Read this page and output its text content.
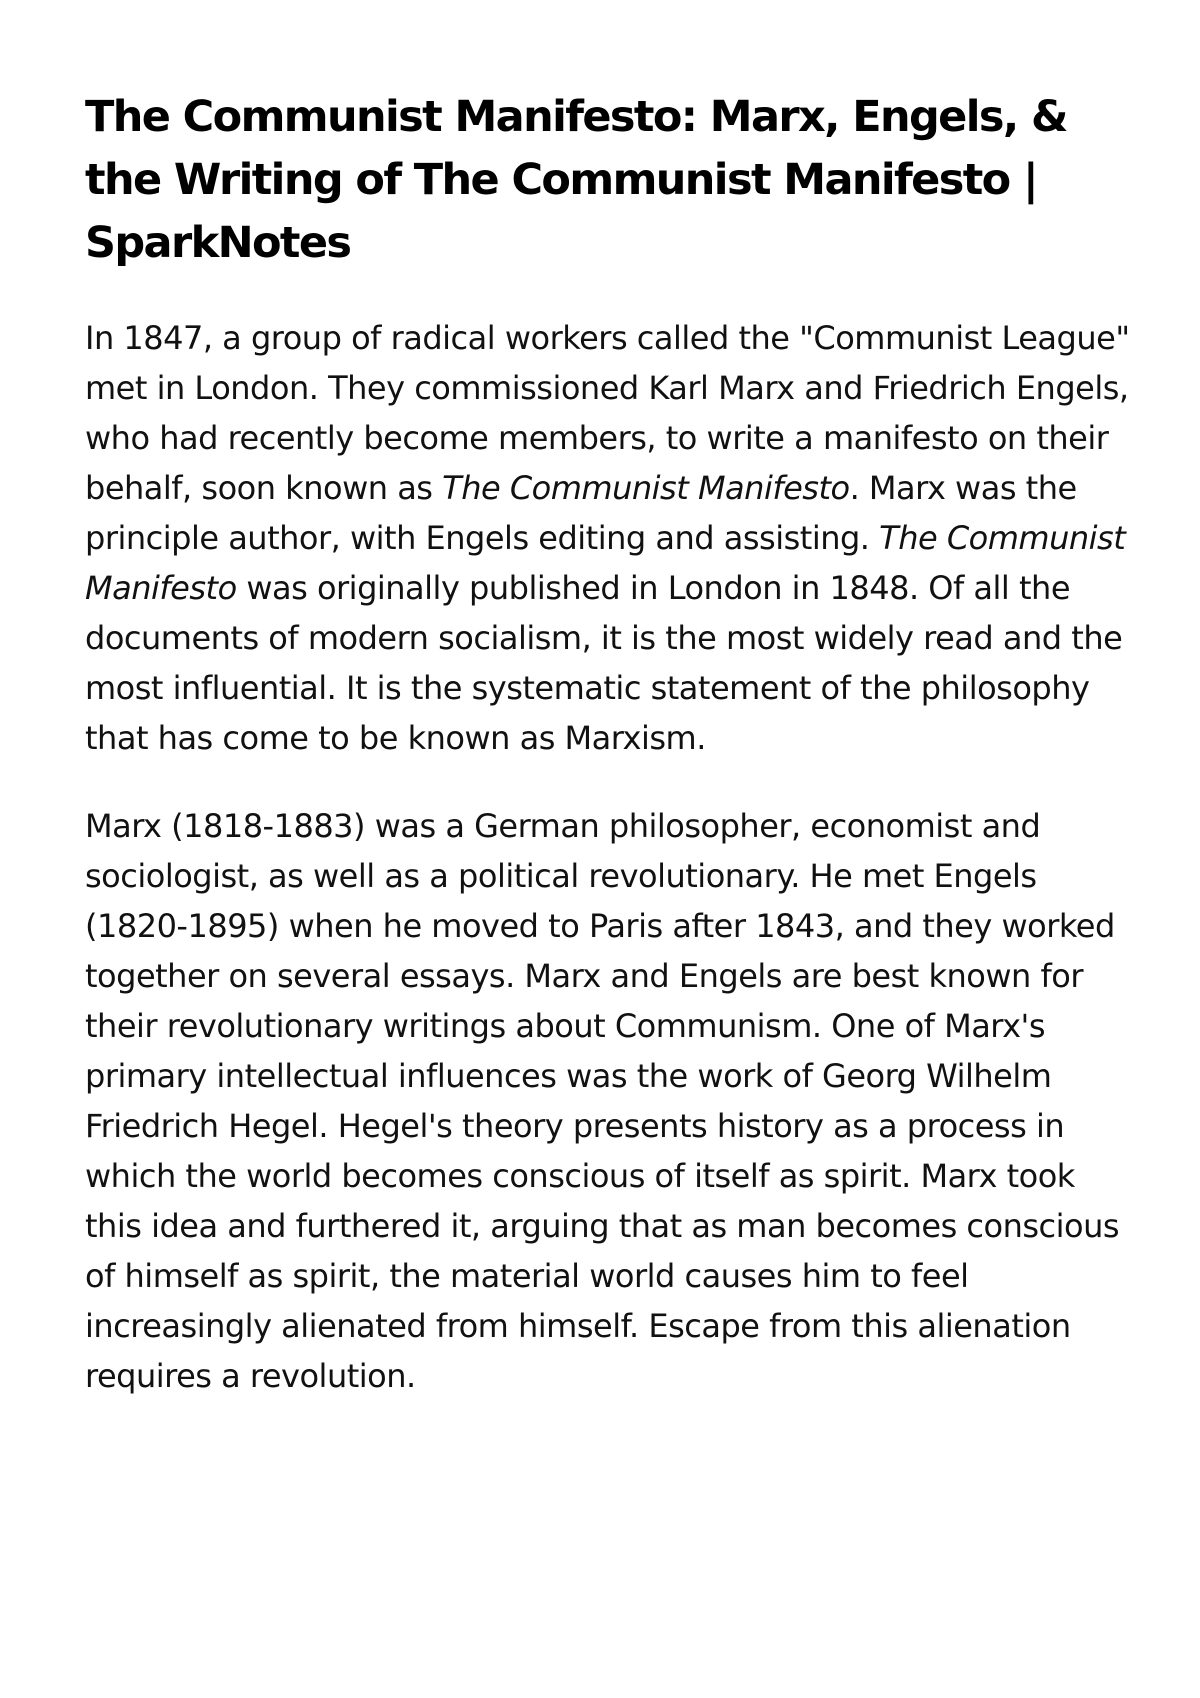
The Communist Manifesto: Marx, Engels, & the Writing of The Communist Manifesto | SparkNotes

In 1847, a group of radical workers called the "Communist League" met in London. They commissioned Karl Marx and Friedrich Engels, who had recently become members, to write a manifesto on their behalf, soon known as The Communist Manifesto. Marx was the principle author, with Engels editing and assisting. The Communist Manifesto was originally published in London in 1848. Of all the documents of modern socialism, it is the most widely read and the most influential. It is the systematic statement of the philosophy that has come to be known as Marxism.

Marx (1818-1883) was a German philosopher, economist and sociologist, as well as a political revolutionary. He met Engels (1820-1895) when he moved to Paris after 1843, and they worked together on several essays. Marx and Engels are best known for their revolutionary writings about Communism. One of Marx's primary intellectual influences was the work of Georg Wilhelm Friedrich Hegel. Hegel's theory presents history as a process in which the world becomes conscious of itself as spirit. Marx took this idea and furthered it, arguing that as man becomes conscious of himself as spirit, the material world causes him to feel increasingly alienated from himself. Escape from this alienation requires a revolution.
